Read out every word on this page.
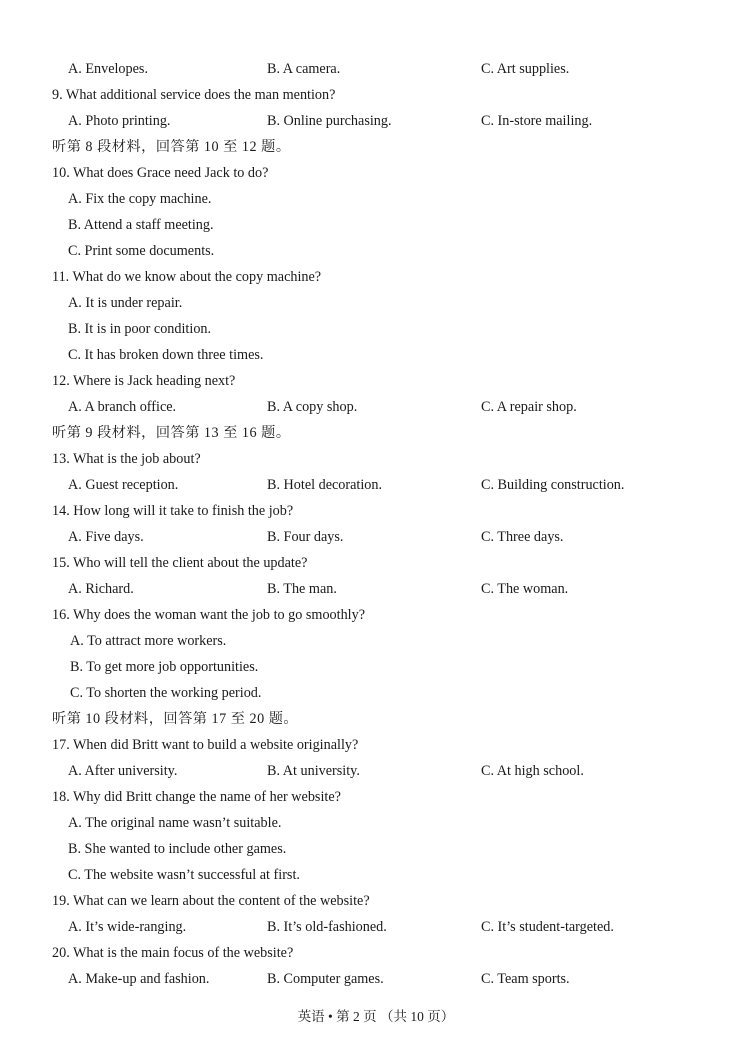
A. Envelopes.	B. A camera.	C. Art supplies.
9. What additional service does the man mention?
A. Photo printing.	B. Online purchasing.	C. In-store mailing.
听第 8 段材料，回答第 10 至 12 题。
10. What does Grace need Jack to do?
A. Fix the copy machine.
B. Attend a staff meeting.
C. Print some documents.
11. What do we know about the copy machine?
A. It is under repair.
B. It is in poor condition.
C. It has broken down three times.
12. Where is Jack heading next?
A. A branch office.	B. A copy shop.	C. A repair shop.
听第 9 段材料，回答第 13 至 16 题。
13. What is the job about?
A. Guest reception.	B. Hotel decoration.	C. Building construction.
14. How long will it take to finish the job?
A. Five days.	B. Four days.	C. Three days.
15. Who will tell the client about the update?
A. Richard.	B. The man.	C. The woman.
16. Why does the woman want the job to go smoothly?
A. To attract more workers.
B. To get more job opportunities.
C. To shorten the working period.
听第 10 段材料，回答第 17 至 20 题。
17. When did Britt want to build a website originally?
A. After university.	B. At university.	C. At high school.
18. Why did Britt change the name of her website?
A. The original name wasn’t suitable.
B. She wanted to include other games.
C. The website wasn’t successful at first.
19. What can we learn about the content of the website?
A. It’s wide-ranging.	B. It’s old-fashioned.	C. It’s student-targeted.
20. What is the main focus of the website?
A. Make-up and fashion.	B. Computer games.	C. Team sports.
英语 • 第 2 页 （共 10 页）
